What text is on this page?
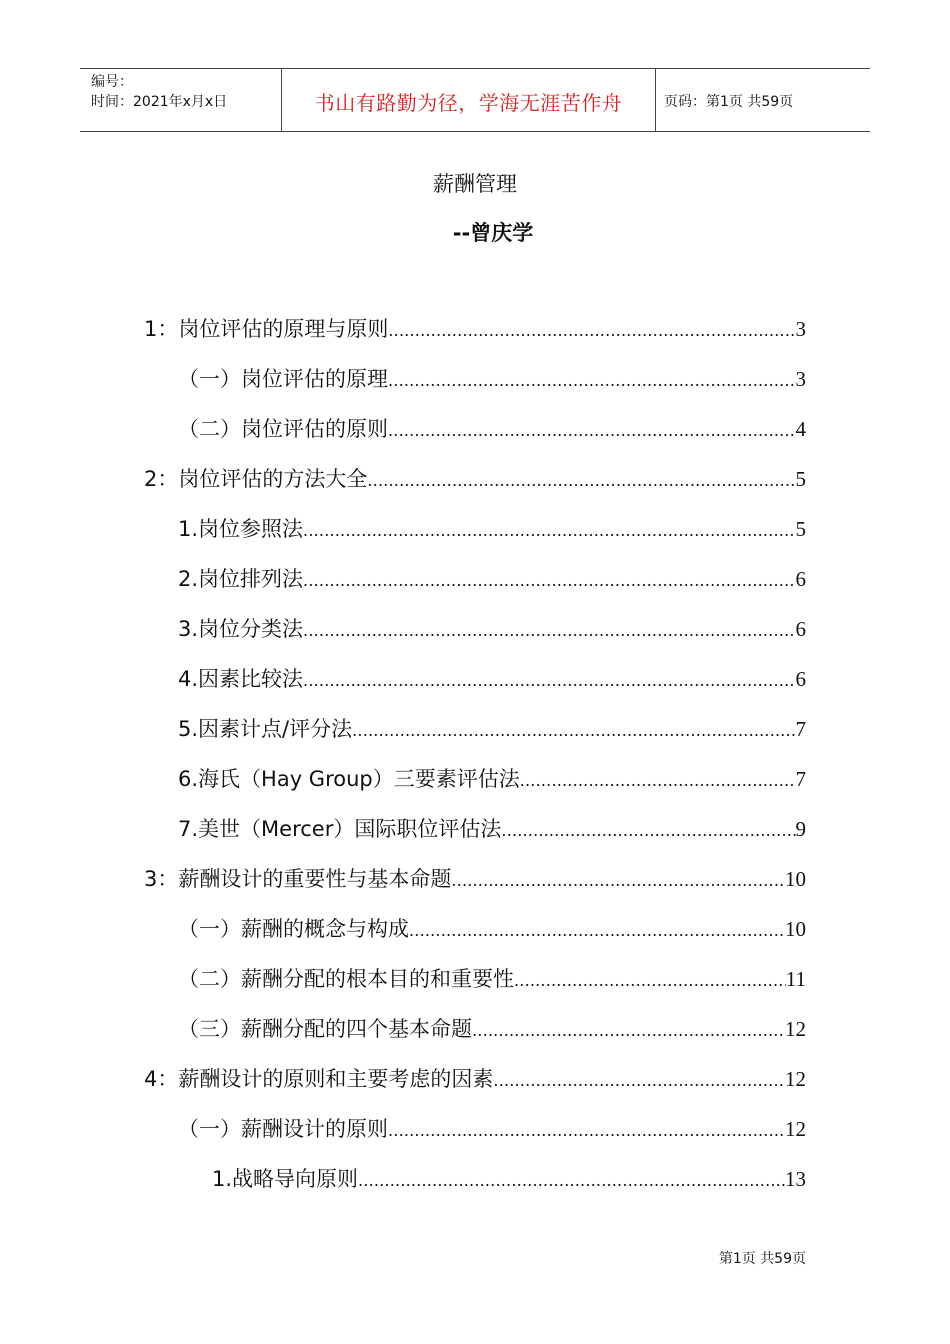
编号：
时间：2021年x月x日	书山有路勤为径，学海无涯苦作舟	页码：第1页 共59页
薪酬管理
--曾庆学
1：岗位评估的原理与原则 .....	3
（一）岗位评估的原理 .....	3
（二）岗位评估的原则 .....	4
2：岗位评估的方法大全 .....	5
1.岗位参照法 .....	5
2.岗位排列法 .....	6
3.岗位分类法 .....	6
4.因素比较法 .....	6
5.因素计点/评分法 .....	7
6.海氏（Hay Group）三要素评估法 .....	7
7.美世（Mercer）国际职位评估法 .....	9
3：薪酬设计的重要性与基本命题 .....	10
（一）薪酬的概念与构成 .....	10
（二）薪酬分配的根本目的和重要性 .....	11
（三）薪酬分配的四个基本命题 .....	12
4：薪酬设计的原则和主要考虑的因素 .....	12
（一）薪酬设计的原则 .....	12
1.战略导向原则 .....	13
第1页 共59页
